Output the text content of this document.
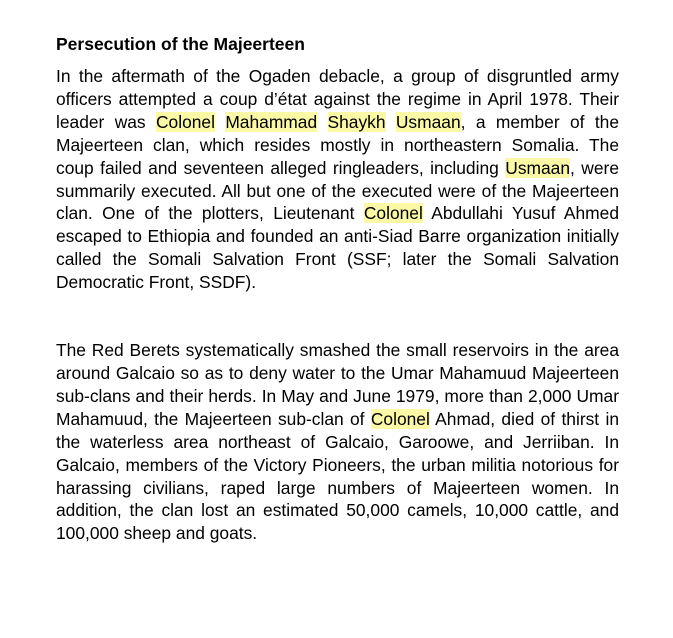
Persecution of the Majeerteen

In the aftermath of the Ogaden debacle, a group of disgruntled army officers attempted a coup d’état against the regime in April 1978. Their leader was Colonel Mahammad Shaykh Usmaan, a member of the Majeerteen clan, which resides mostly in northeastern Somalia. The coup failed and seventeen alleged ringleaders, including Usmaan, were summarily executed. All but one of the executed were of the Majeerteen clan. One of the plotters, Lieutenant Colonel Abdullahi Yusuf Ahmed escaped to Ethiopia and founded an anti-Siad Barre organization initially called the Somali Salvation Front (SSF; later the Somali Salvation Democratic Front, SSDF).

The Red Berets systematically smashed the small reservoirs in the area around Galcaio so as to deny water to the Umar Mahamuud Majeerteen sub-clans and their herds. In May and June 1979, more than 2,000 Umar Mahamuud, the Majeerteen sub-clan of Colonel Ahmad, died of thirst in the waterless area northeast of Galcaio, Garoowe, and Jerriiban. In Galcaio, members of the Victory Pioneers, the urban militia notorious for harassing civilians, raped large numbers of Majeerteen women. In addition, the clan lost an estimated 50,000 camels, 10,000 cattle, and 100,000 sheep and goats.
